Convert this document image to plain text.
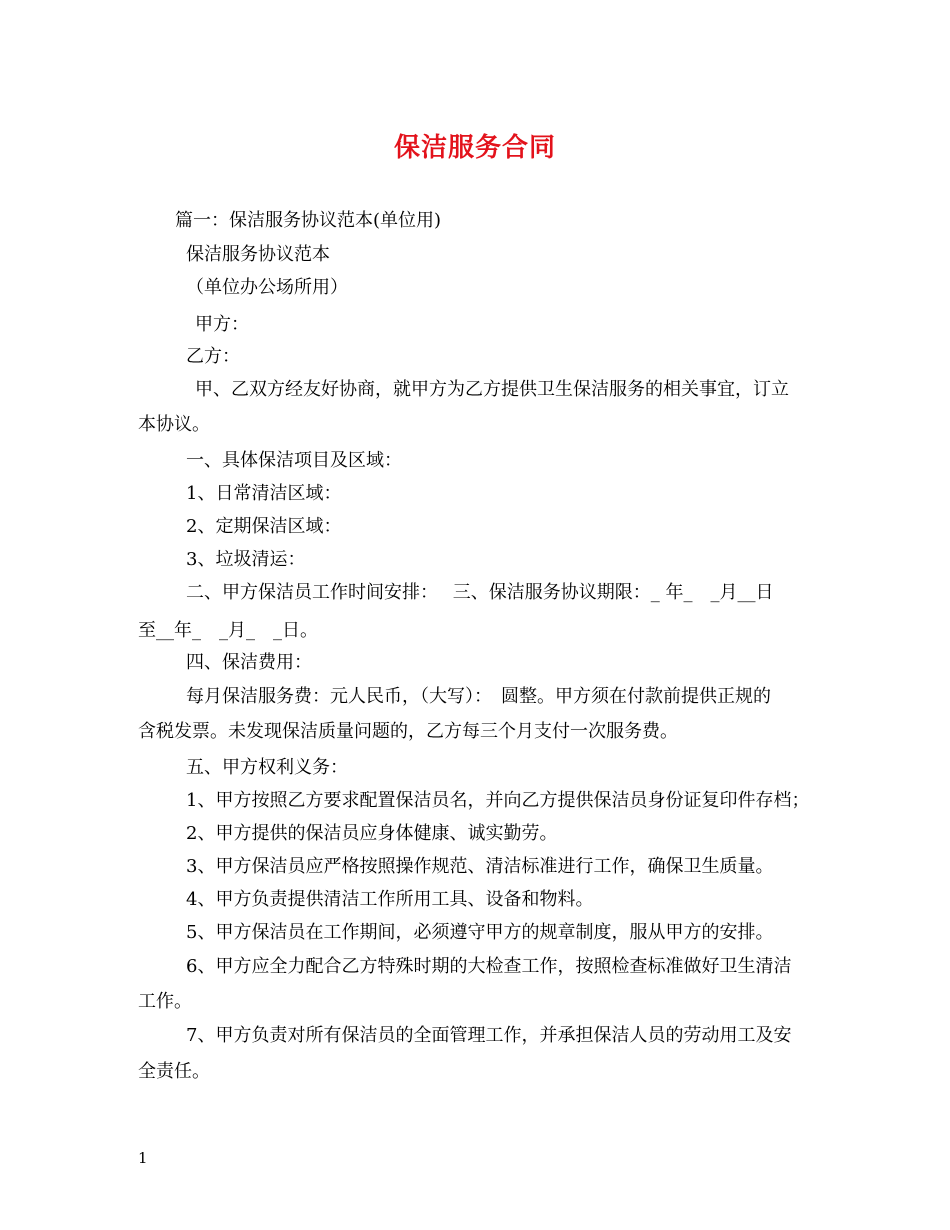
保洁服务合同
篇一：保洁服务协议范本(单位用)
保洁服务协议范本
（单位办公场所用）
甲方：
乙方：
甲、乙双方经友好协商，就甲方为乙方提供卫生保洁服务的相关事宜，订立
本协议。
一、具体保洁项目及区域：
1、日常清洁区域：
2、定期保洁区域：
3、垃圾清运：
二、甲方保洁员工作时间安排：　 三、保洁服务协议期限：_ 年_　_月__日
至__年_　_月_　_日。
四、保洁费用：
每月保洁服务费：元人民币，（大写）：　圆整。甲方须在付款前提供正规的
含税发票。未发现保洁质量问题的，乙方每三个月支付一次服务费。
五、甲方权利义务：
1、甲方按照乙方要求配置保洁员名，并向乙方提供保洁员身份证复印件存档；
2、甲方提供的保洁员应身体健康、诚实勤劳。
3、甲方保洁员应严格按照操作规范、清洁标准进行工作，确保卫生质量。
4、甲方负责提供清洁工作所用工具、设备和物料。
5、甲方保洁员在工作期间，必须遵守甲方的规章制度，服从甲方的安排。
6、甲方应全力配合乙方特殊时期的大检查工作，按照检查标准做好卫生清洁
工作。
7、甲方负责对所有保洁员的全面管理工作，并承担保洁人员的劳动用工及安
全责任。
1
